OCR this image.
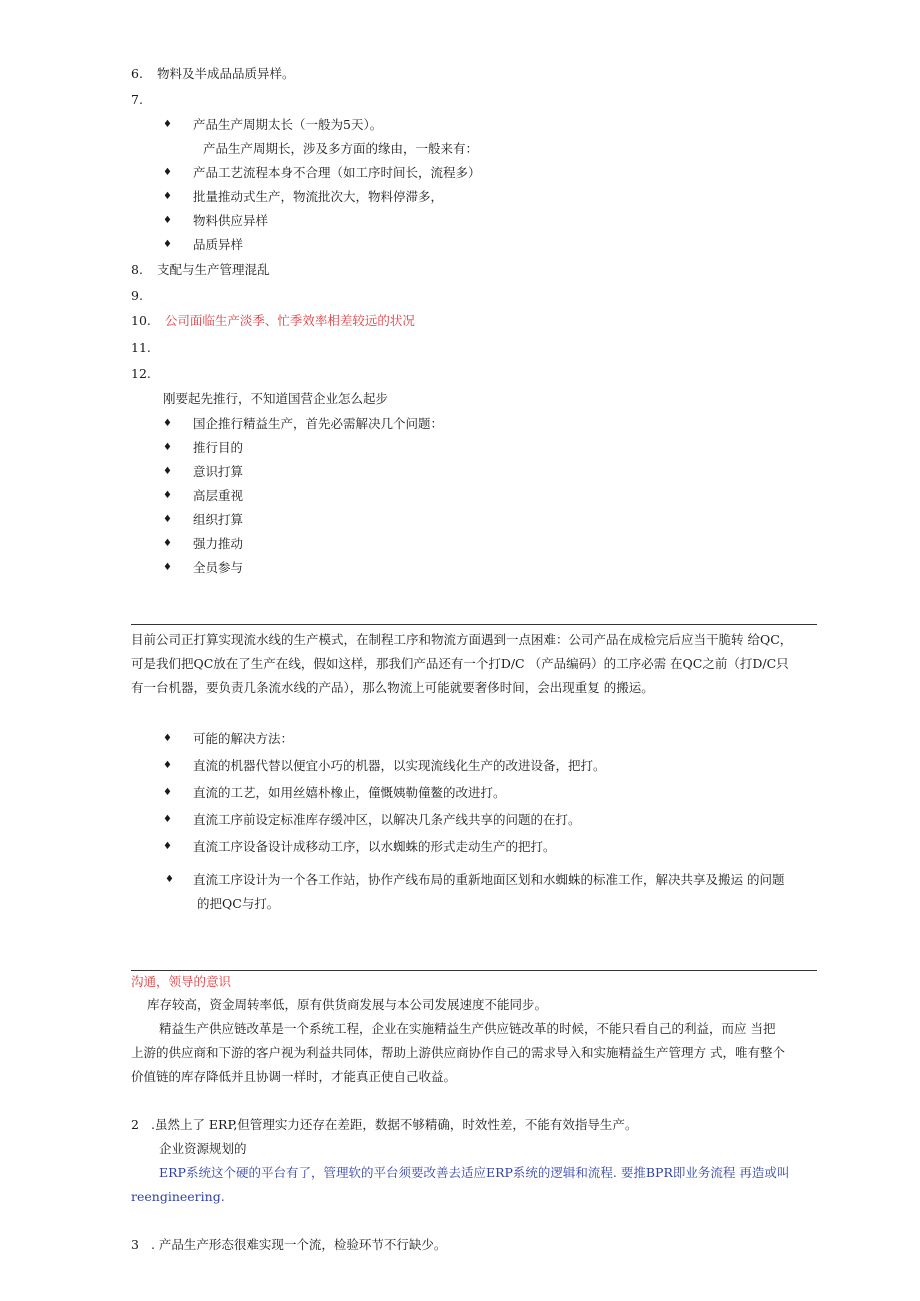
6. 物料及半成品品质异样。
7.
♦ 产品生产周期太长（一般为5天）。
产品生产周期长，涉及多方面的缘由，一般来有：
♦ 产品工艺流程本身不合理（如工序时间长，流程多）
♦ 批量推动式生产，物流批次大，物料停滞多，
♦ 物料供应异样
♦ 品质异样
8. 支配与生产管理混乱
9.
10. 公司面临生产淡季、忙季效率相差较远的状况
11.
12.
刚要起先推行，不知道国营企业怎么起步
♦ 国企推行精益生产，首先必需解决几个问题：
♦ 推行目的
♦ 意识打算
♦ 高层重视
♦ 组织打算
♦ 强力推动
♦ 全员参与
目前公司正打算实现流水线的生产模式，在制程工序和物流方面遇到一点困难：公司产品在成检完后应当干脆转 给QC，
可是我们把QC放在了生产在线，假如这样，那我们产品还有一个打D/C （产品编码）的工序必需 在QC之前（打D/C只
有一台机器，要负责几条流水线的产品），那么物流上可能就要奢侈时间，会出现重复 的搬运。
♦ 可能的解决方法：
♦ 直流的机器代替以便宜小巧的机器，以实现流线化生产的改进设备，把打。
♦ 直流的工艺，如用丝嬉朴橡止，僮慨姨勒僮鳌的改进打。
♦ 直流工序前设定标准库存缓冲区，以解决几条产线共享的问题的在打。
♦ 直流工序设备设计成移动工序，以水蜘蛛的形式走动生产的把打。
♦ 直流工序设计为一个各工作站，协作产线布局的重新地面区划和水蜘蛛的标准工作，解决共享及搬运 的问题
的把QC与打。
沟通，领导的意识
库存较高，资金周转率低，原有供货商发展与本公司发展速度不能同步。
精益生产供应链改革是一个系统工程，企业在实施精益生产供应链改革的时候，不能只看自己的利益，而应 当把
上游的供应商和下游的客户视为利益共同体，帮助上游供应商协作自己的需求导入和实施精益生产管理方 式，唯有整个
价值链的库存降低并且协调一样时，才能真正使自己收益。
2 .虽然上了 ERP,但管理实力还存在差距，数据不够精确，时效性差，不能有效指导生产。
企业资源规划的
ERP系统这个硬的平台有了，管理软的平台须要改善去适应ERP系统的逻辑和流程. 要推BPR即业务流程 再造或叫
reengineering.
3 . 产品生产形态很难实现一个流，检验环节不行缺少。
